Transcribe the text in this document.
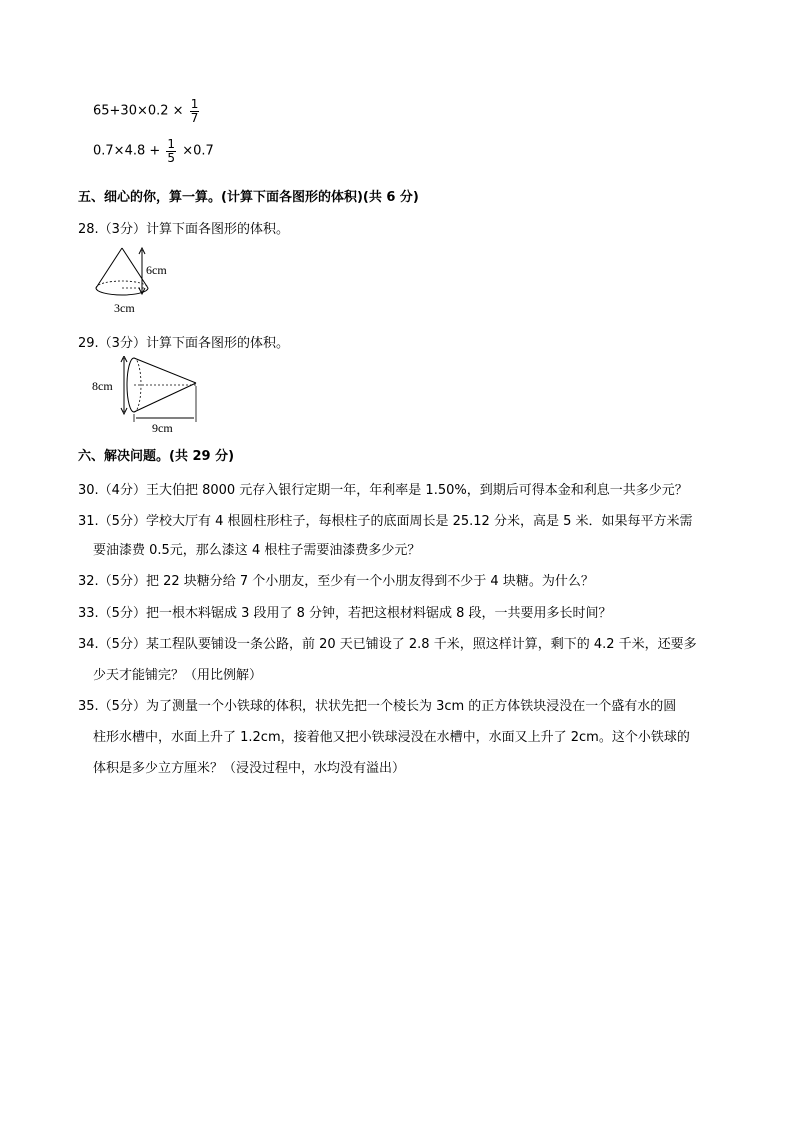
$65+30\times 0.2 \times \frac{1}{7}$
$0.7\times 4.8 + \frac{1}{5} \times 0.7$
五、细心的你，算一算。(计算下面各图形的体积)(共 6 分)
28.（3分）计算下面各图形的体积。
6cm
3cm
29.（3分）计算下面各图形的体积。
8cm
9cm
六、解决问题。(共 29 分)
30.（4分）王大伯把 8000 元存入银行定期一年，年利率是 1.50%，到期后可得本金和利息一共多少元？
31.（5分）学校大厅有 4 根圆柱形柱子，每根柱子的底面周长是 25.12 分米，高是 5 米．如果每平方米需
要油漆费 0.5元，那么漆这 4 根柱子需要油漆费多少元？
32.（5分）把 22 块糖分给 7 个小朋友，至少有一个小朋友得到不少于 4 块糖。为什么？
33.（5分）把一根木料锯成 3 段用了 8 分钟，若把这根材料锯成 8 段，一共要用多长时间？
34.（5分）某工程队要铺设一条公路，前 20 天已铺设了 2.8 千米，照这样计算，剩下的 4.2 千米，还要多
少天才能铺完？（用比例解）
35.（5分）为了测量一个小铁球的体积，状状先把一个棱长为 3cm 的正方体铁块浸没在一个盛有水的圆
柱形水槽中，水面上升了 1.2cm，接着他又把小铁球浸没在水槽中，水面又上升了 2cm。这个小铁球的
体积是多少立方厘米？（浸没过程中，水均没有溢出）
